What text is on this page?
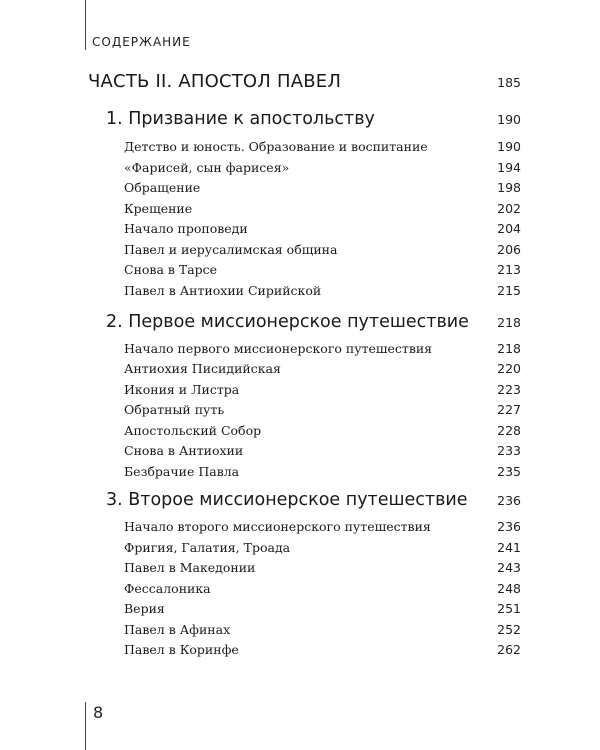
СОДЕРЖАНИЕ
ЧАСТЬ II. АПОСТОЛ ПАВЕЛ	185
1. Призвание к апостольству	190
Детство и юность. Образование и воспитание	190
«Фарисей, сын фарисея»	194
Обращение	198
Крещение	202
Начало проповеди	204
Павел и иерусалимская община	206
Снова в Тарсе	213
Павел в Антиохии Сирийской	215
2. Первое миссионерское путешествие 218
Начало первого миссионерского путешествия	218
Антиохия Писидийская	220
Икония и Листра	223
Обратный путь	227
Апостольский Собор	228
Снова в Антиохии	233
Безбрачие Павла	235
3. Второе миссионерское путешествие 236
Начало второго миссионерского путешествия	236
Фригия, Галатия, Троада	241
Павел в Македонии	243
Фессалоника	248
Верия	251
Павел в Афинах	252
Павел в Коринфе	262
8
